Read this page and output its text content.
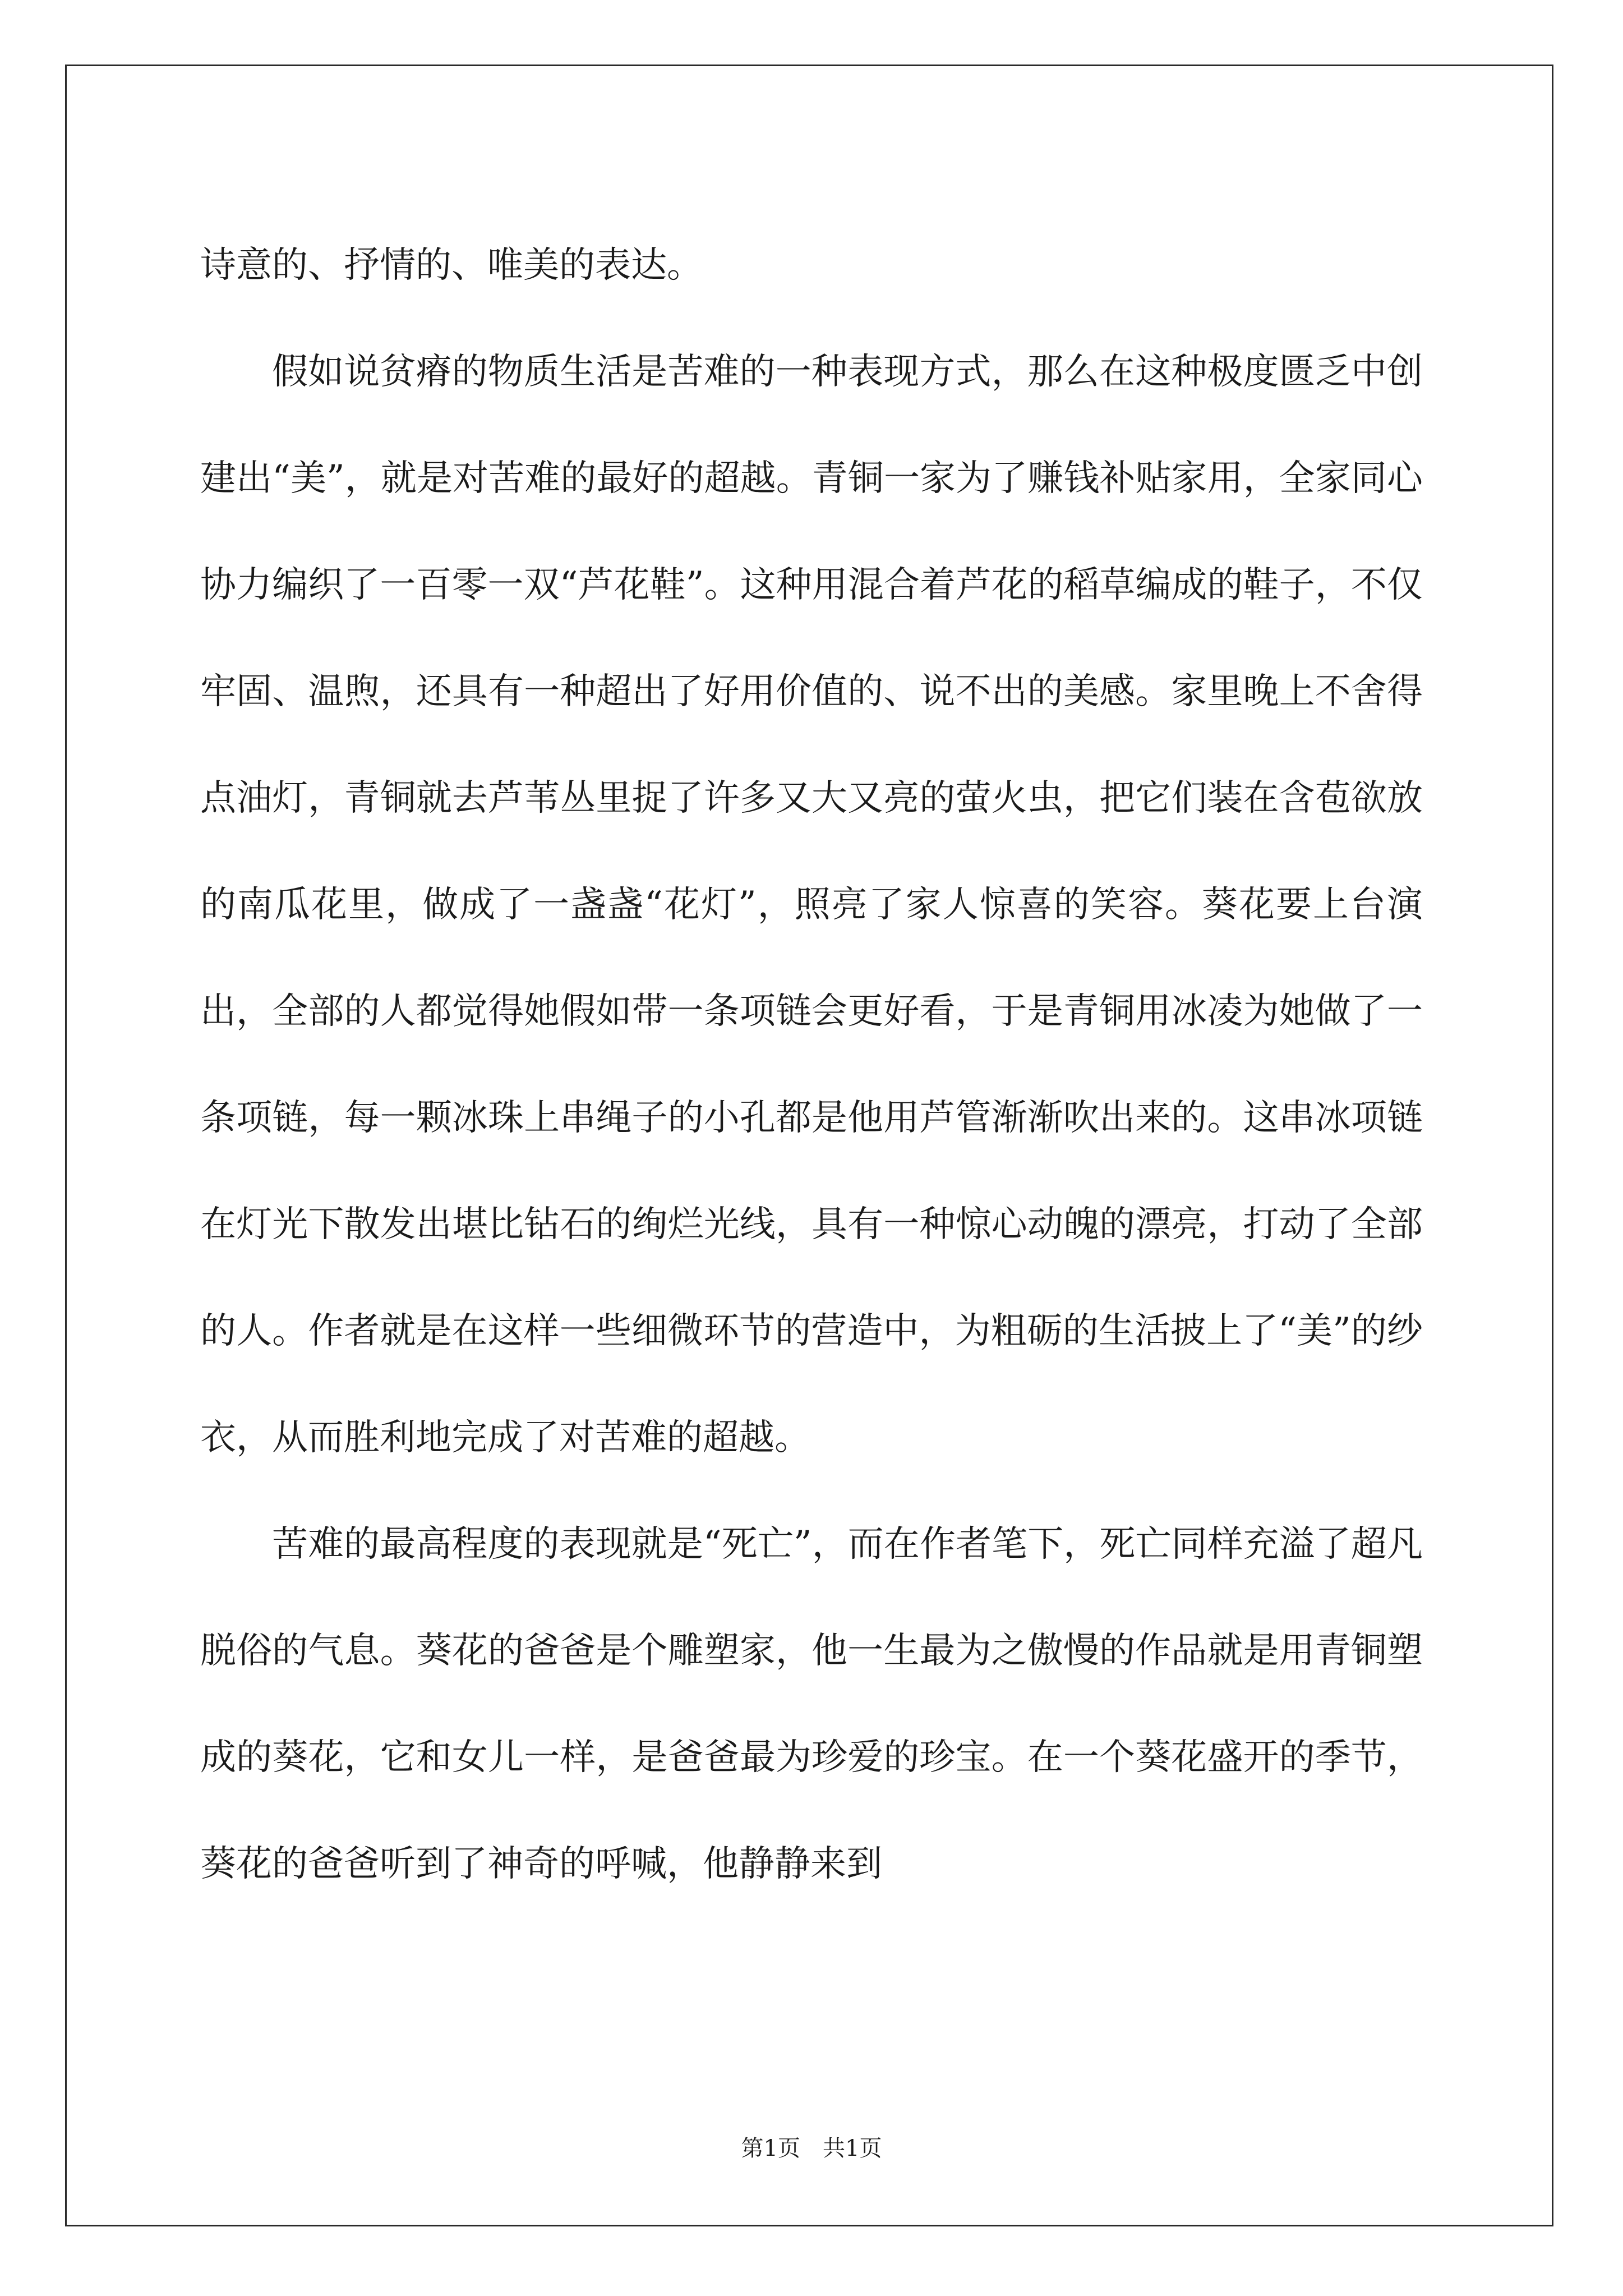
诗意的、抒情的、唯美的表达。

假如说贫瘠的物质生活是苦难的一种表现方式，那么在这种极度匮乏中创建出“美”，就是对苦难的最好的超越。青铜一家为了赚钱补贴家用，全家同心协力编织了一百零一双“芦花鞋”。这种用混合着芦花的稻草编成的鞋子，不仅牢固、温煦，还具有一种超出了好用价值的、说不出的美感。家里晚上不舍得点油灯，青铜就去芦苇丛里捉了许多又大又亮的萤火虫，把它们装在含苞欲放的南瓜花里，做成了一盏盏“花灯”，照亮了家人惊喜的笑容。葵花要上台演出，全部的人都觉得她假如带一条项链会更好看，于是青铜用冰凌为她做了一条项链，每一颗冰珠上串绳子的小孔都是他用芦管渐渐吹出来的。这串冰项链在灯光下散发出堪比钻石的绚烂光线，具有一种惊心动魄的漂亮，打动了全部的人。作者就是在这样一些细微环节的营造中，为粗砺的生活披上了“美”的纱衣，从而胜利地完成了对苦难的超越。

苦难的最高程度的表现就是“死亡”，而在作者笔下，死亡同样充溢了超凡脱俗的气息。葵花的爸爸是个雕塑家，他一生最为之傲慢的作品就是用青铜塑成的葵花，它和女儿一样，是爸爸最为珍爱的珍宝。在一个葵花盛开的季节，葵花的爸爸听到了神奇的呼喊，他静静来到

第1页　共1页
